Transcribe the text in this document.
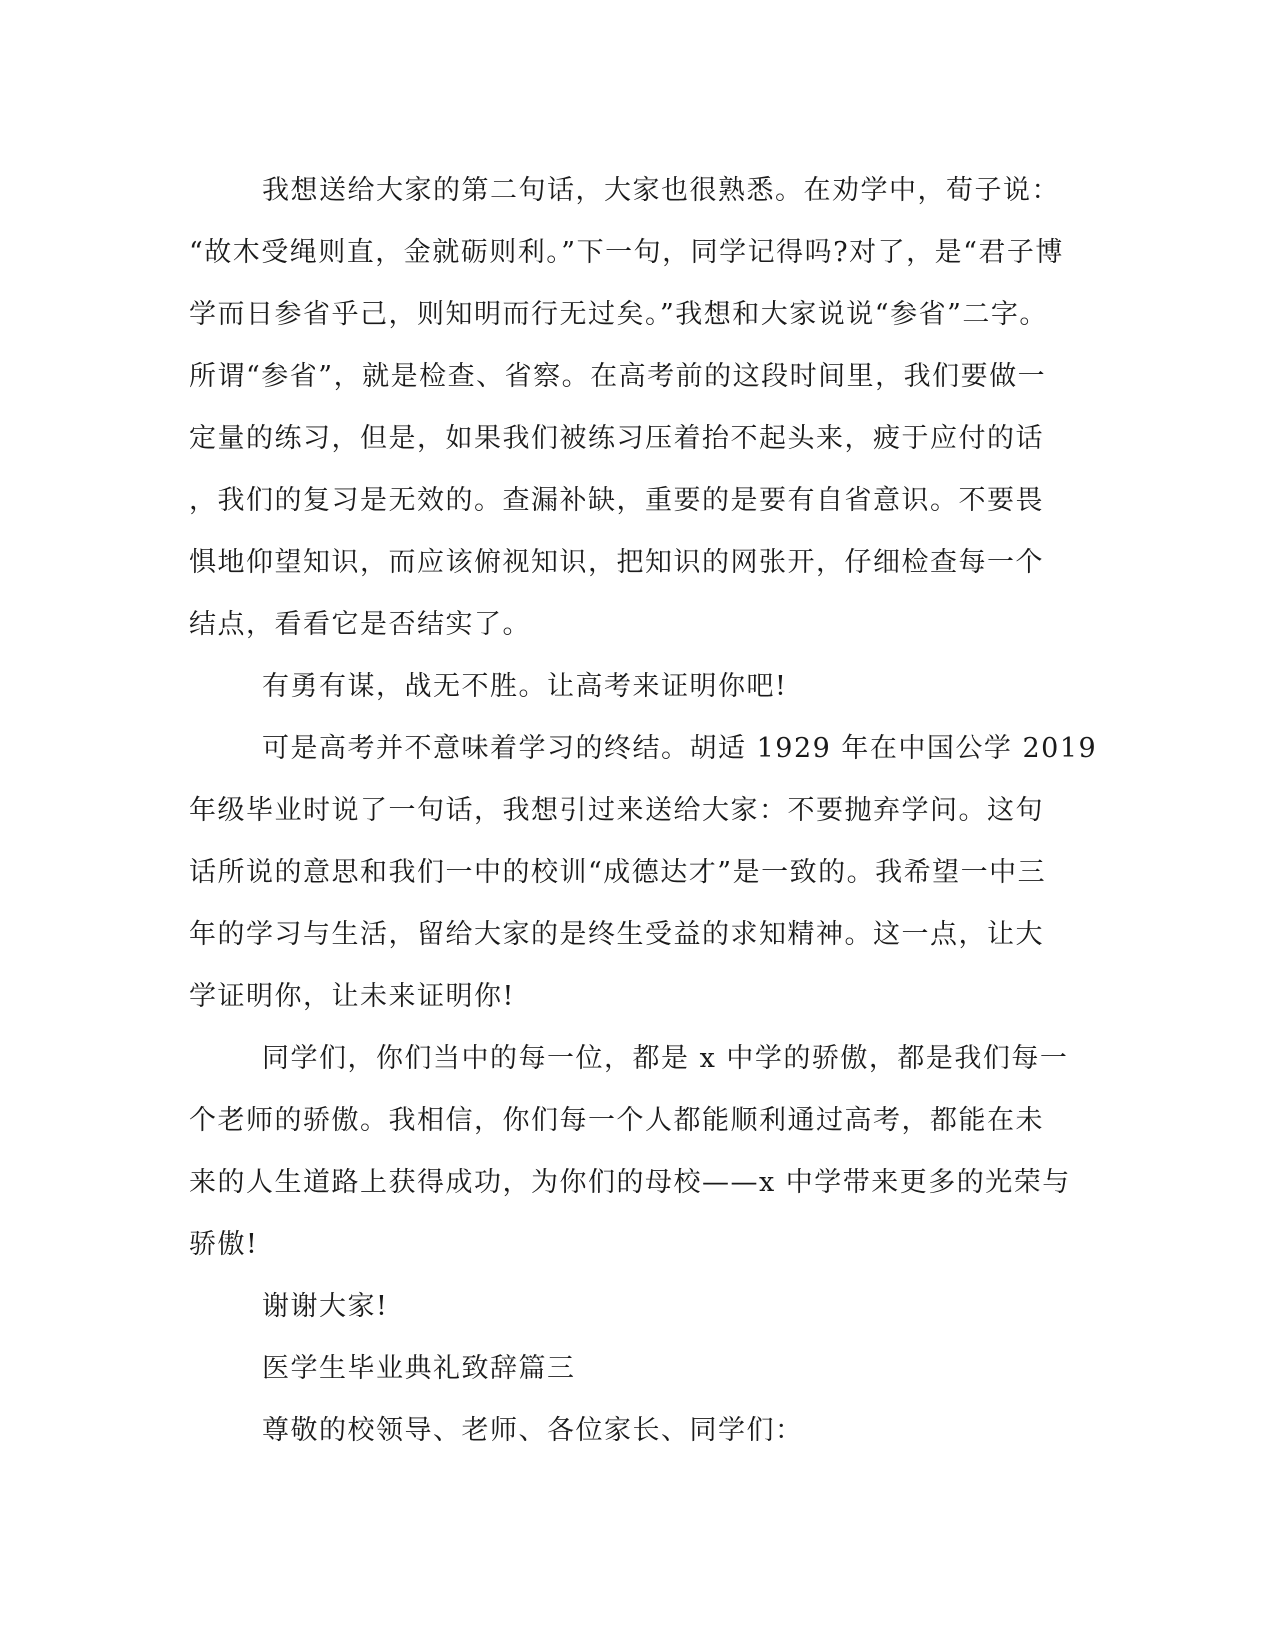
我想送给大家的第二句话，大家也很熟悉。在劝学中，荀子说：
“故木受绳则直，金就砺则利。”下一句，同学记得吗?对了，是“君子博
学而日参省乎己，则知明而行无过矣。”我想和大家说说“参省”二字。
所谓“参省”，就是检查、省察。在高考前的这段时间里，我们要做一
定量的练习，但是，如果我们被练习压着抬不起头来，疲于应付的话
，我们的复习是无效的。查漏补缺，重要的是要有自省意识。不要畏
惧地仰望知识，而应该俯视知识，把知识的网张开，仔细检查每一个
结点，看看它是否结实了。
有勇有谋，战无不胜。让高考来证明你吧!
可是高考并不意味着学习的终结。胡适 1929 年在中国公学 2019
年级毕业时说了一句话，我想引过来送给大家：不要抛弃学问。这句
话所说的意思和我们一中的校训“成德达才”是一致的。我希望一中三
年的学习与生活，留给大家的是终生受益的求知精神。这一点，让大
学证明你，让未来证明你!
同学们，你们当中的每一位，都是 x 中学的骄傲，都是我们每一
个老师的骄傲。我相信，你们每一个人都能顺利通过高考，都能在未
来的人生道路上获得成功，为你们的母校——x 中学带来更多的光荣与
骄傲!
谢谢大家!
医学生毕业典礼致辞篇三
尊敬的校领导、老师、各位家长、同学们：
